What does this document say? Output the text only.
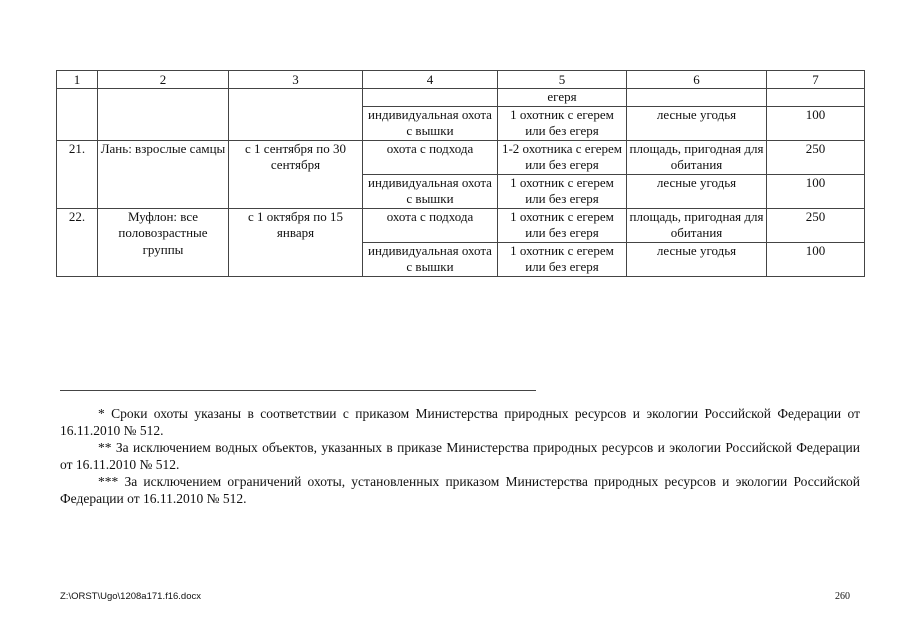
1	2	3	4	5	6	7
				егеря		
			индивидуальная охота с вышки	1 охотник с егерем или без егеря	лесные угодья	100
21.	Лань: взрослые самцы	с 1 сентября по 30 сентября	охота с подхода	1-2 охотника с егерем или без егеря	площадь, пригодная для обитания	250
			индивидуальная охота с вышки	1 охотник с егерем или без егеря	лесные угодья	100
22.	Муфлон: все половозрастные группы	с 1 октября по 15 января	охота с подхода	1 охотник с егерем или без егеря	площадь, пригодная для обитания	250
			индивидуальная охота с вышки	1 охотник с егерем или без егеря	лесные угодья	100

* Сроки охоты указаны в соответствии с приказом Министерства природных ресурсов и экологии Российской Федерации от 16.11.2010 № 512.

** За исключением водных объектов, указанных в приказе Министерства природных ресурсов и экологии Российской Федерации от 16.11.2010 № 512.

*** За исключением ограничений охоты, установленных приказом Министерства природных ресурсов и экологии Российской Федерации от 16.11.2010 № 512.

Z:\ORST\Ugo\1208a171.f16.docx	260
